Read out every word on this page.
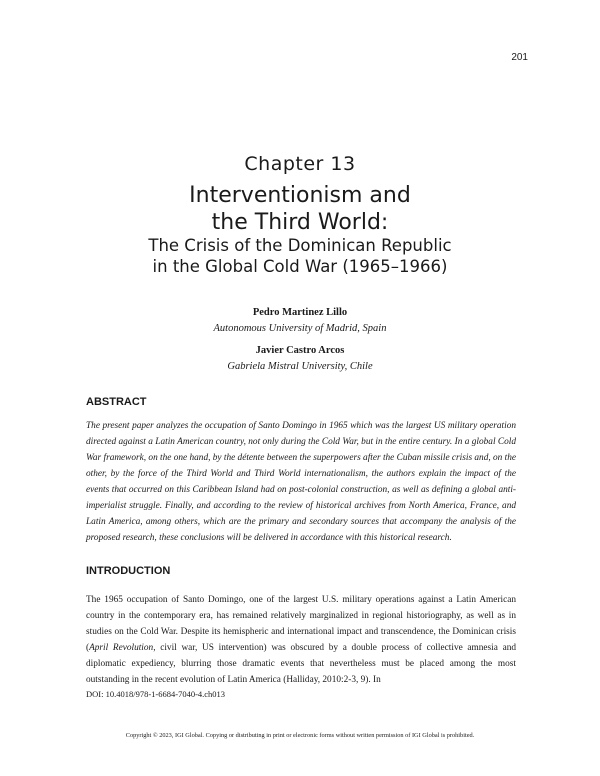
201
Chapter 13
Interventionism and
the Third World:
The Crisis of the Dominican Republic
in the Global Cold War (1965–1966)
Pedro Martinez Lillo
Autonomous University of Madrid, Spain
Javier Castro Arcos
Gabriela Mistral University, Chile
ABSTRACT
The present paper analyzes the occupation of Santo Domingo in 1965 which was the largest US military operation directed against a Latin American country, not only during the Cold War, but in the entire century. In a global Cold War framework, on the one hand, by the détente between the superpowers after the Cuban missile crisis and, on the other, by the force of the Third World and Third World internationalism, the authors explain the impact of the events that occurred on this Caribbean Island had on post-colonial construction, as well as defining a global anti-imperialist struggle. Finally, and according to the review of historical archives from North America, France, and Latin America, among others, which are the primary and secondary sources that accompany the analysis of the proposed research, these conclusions will be delivered in accordance with this historical research.
INTRODUCTION
The 1965 occupation of Santo Domingo, one of the largest U.S. military operations against a Latin American country in the contemporary era, has remained relatively marginalized in regional historiography, as well as in studies on the Cold War. Despite its hemispheric and international impact and transcendence, the Dominican crisis (April Revolution, civil war, US intervention) was obscured by a double process of collective amnesia and diplomatic expediency, blurring those dramatic events that nevertheless must be placed among the most outstanding in the recent evolution of Latin America (Halliday, 2010:2-3, 9). In
DOI: 10.4018/978-1-6684-7040-4.ch013
Copyright © 2023, IGI Global. Copying or distributing in print or electronic forms without written permission of IGI Global is prohibited.
